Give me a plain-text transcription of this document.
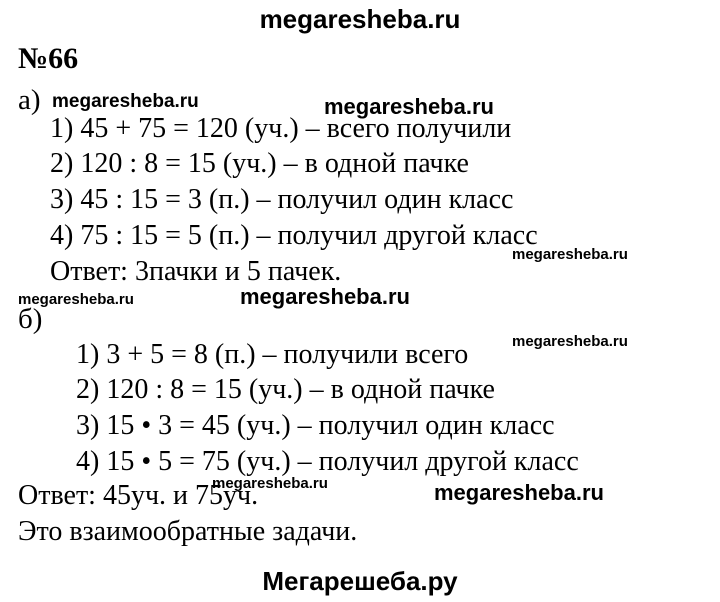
megaresheba.ru
№66
а)
1) 45 + 75 = 120 (уч.) – всего получили
2) 120 : 8 = 15 (уч.) – в одной пачке
3) 45 : 15 = 3 (п.) – получил один класс
4) 75 : 15 = 5 (п.) – получил другой класс
Ответ: 3пачки и 5 пачек.
б)
1) 3 + 5 = 8 (п.) – получили всего
2) 120 : 8 = 15 (уч.) – в одной пачке
3) 15 • 3 = 45 (уч.) – получил один класс
4) 15 • 5 = 75 (уч.) – получил другой класс
Ответ: 45уч. и 75уч.
Это взаимообратные задачи.
megaresheba.ru	megaresheba.ru
megaresheba.ru
megaresheba.ru	megaresheba.ru
megaresheba.ru
megaresheba.ru	megaresheba.ru
Мегарешеба.ру
